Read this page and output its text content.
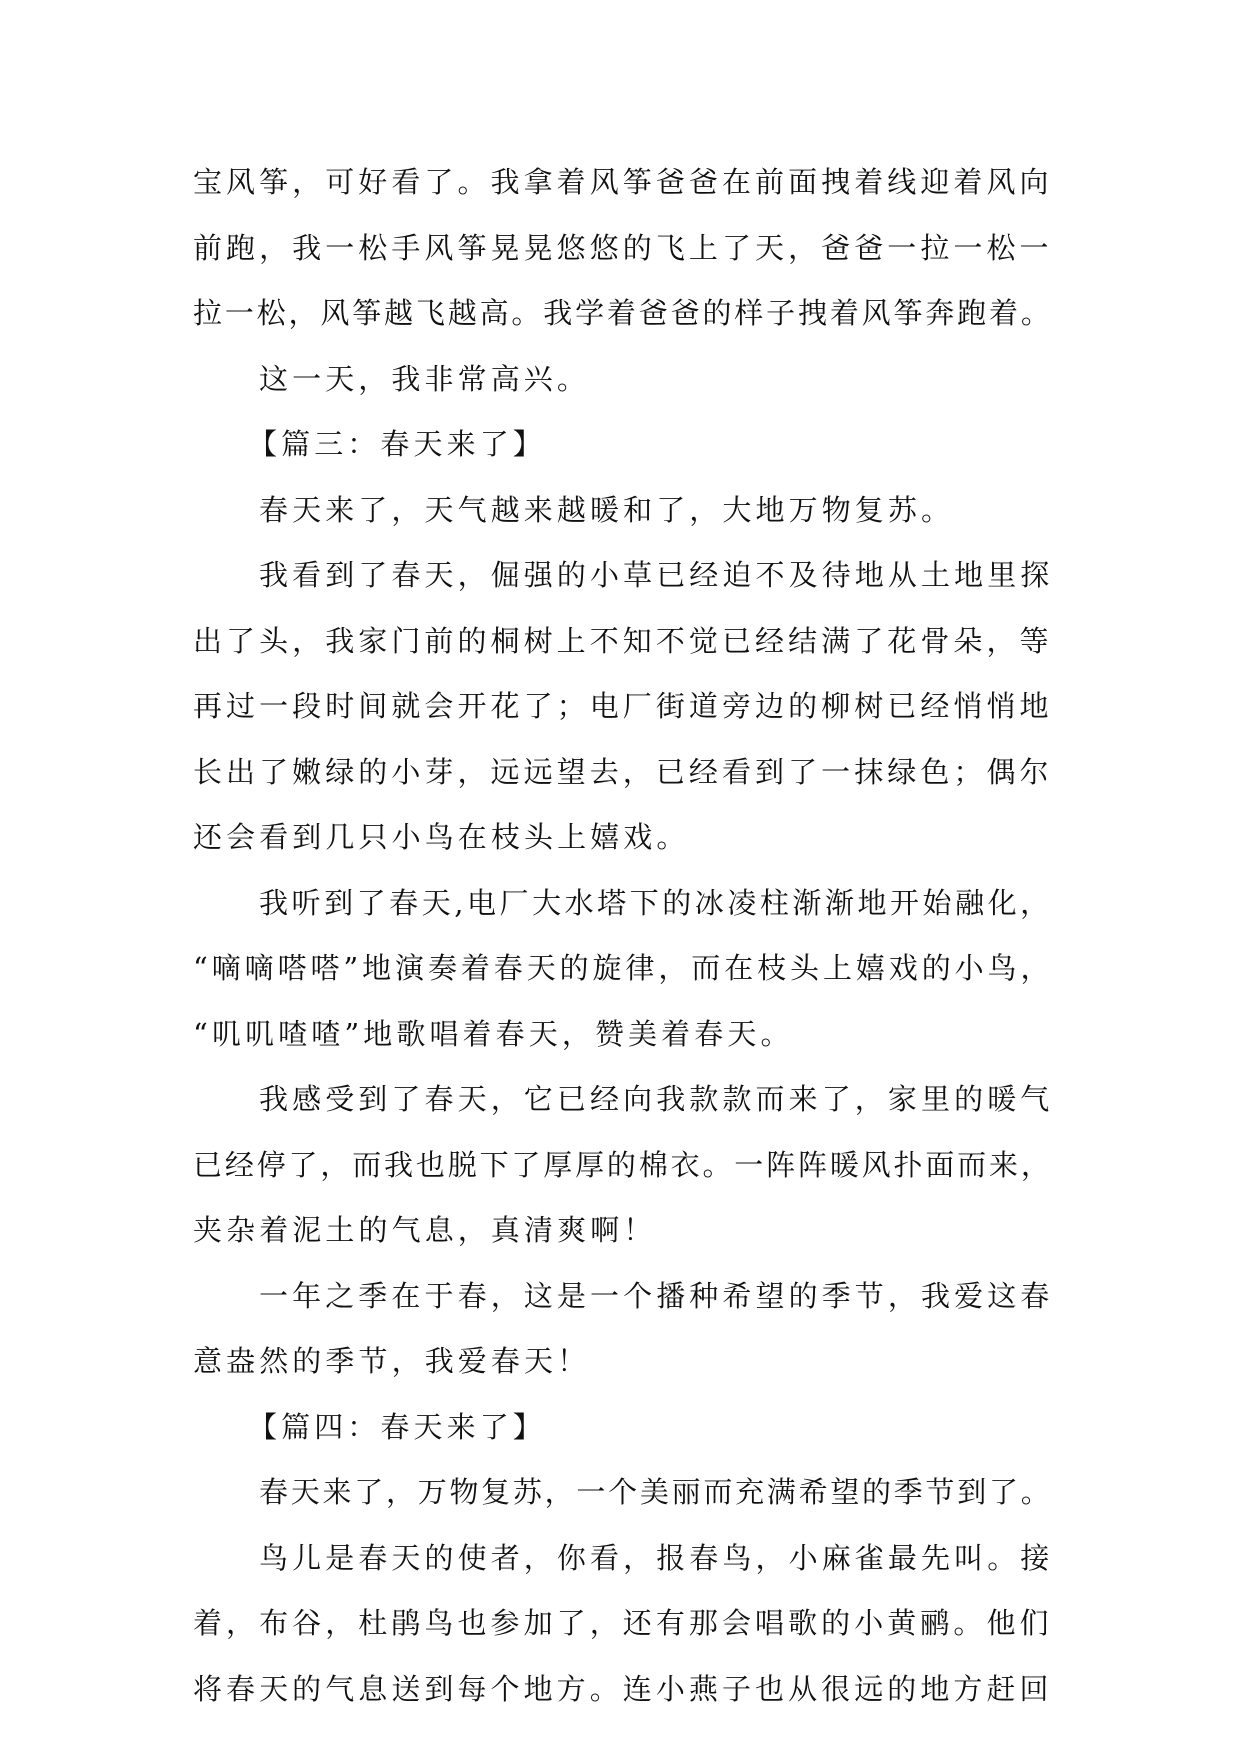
宝风筝，可好看了。我拿着风筝爸爸在前面拽着线迎着风向
前跑，我一松手风筝晃晃悠悠的飞上了天，爸爸一拉一松一
拉一松，风筝越飞越高。我学着爸爸的样子拽着风筝奔跑着。
这一天，我非常高兴。
【篇三：春天来了】
春天来了，天气越来越暖和了，大地万物复苏。
我看到了春天，倔强的小草已经迫不及待地从土地里探
出了头，我家门前的桐树上不知不觉已经结满了花骨朵，等
再过一段时间就会开花了；电厂街道旁边的柳树已经悄悄地
长出了嫩绿的小芽，远远望去，已经看到了一抹绿色；偶尔
还会看到几只小鸟在枝头上嬉戏。
我听到了春天,电厂大水塔下的冰凌柱渐渐地开始融化，
“嘀嘀嗒嗒”地演奏着春天的旋律，而在枝头上嬉戏的小鸟，
“叽叽喳喳”地歌唱着春天，赞美着春天。
我感受到了春天，它已经向我款款而来了，家里的暖气
已经停了，而我也脱下了厚厚的棉衣。一阵阵暖风扑面而来，
夹杂着泥土的气息，真清爽啊！
一年之季在于春，这是一个播种希望的季节，我爱这春
意盎然的季节，我爱春天！
【篇四：春天来了】
春天来了，万物复苏，一个美丽而充满希望的季节到了。
鸟儿是春天的使者，你看，报春鸟，小麻雀最先叫。接
着，布谷，杜鹃鸟也参加了，还有那会唱歌的小黄鹂。他们
将春天的气息送到每个地方。连小燕子也从很远的地方赶回
